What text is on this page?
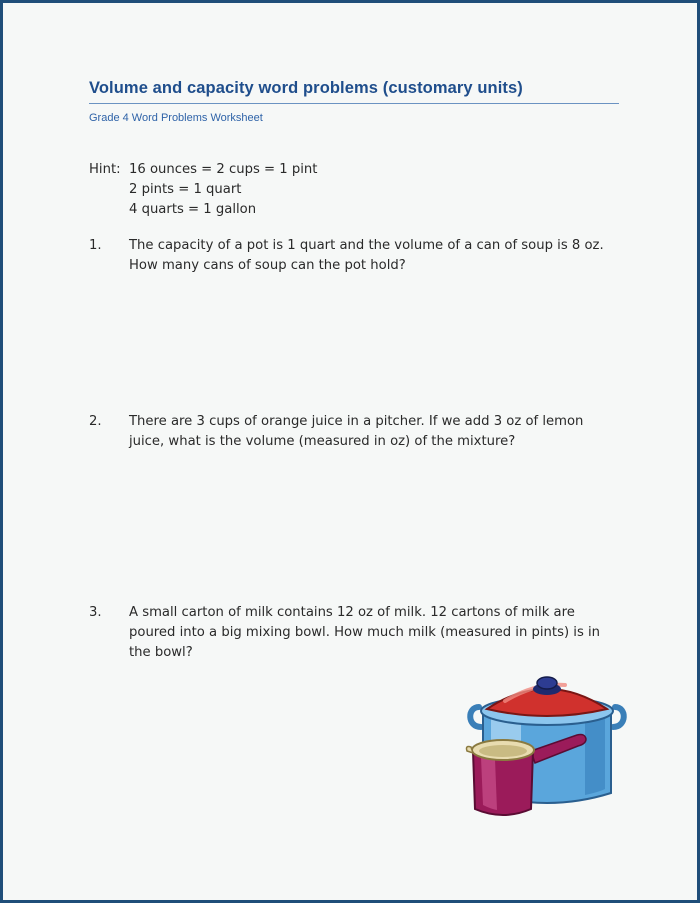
Volume and capacity word problems (customary units)
Grade 4 Word Problems Worksheet
Hint: 16 ounces = 2 cups = 1 pint
2 pints = 1 quart
4 quarts = 1 gallon
1.	The capacity of a pot is 1 quart and the volume of a can of soup is 8 oz. How many cans of soup can the pot hold?
2.	There are 3 cups of orange juice in a pitcher. If we add 3 oz of lemon juice, what is the volume (measured in oz) of the mixture?
3.	A small carton of milk contains 12 oz of milk. 12 cartons of milk are poured into a big mixing bowl. How much milk (measured in pints) is in the bowl?
